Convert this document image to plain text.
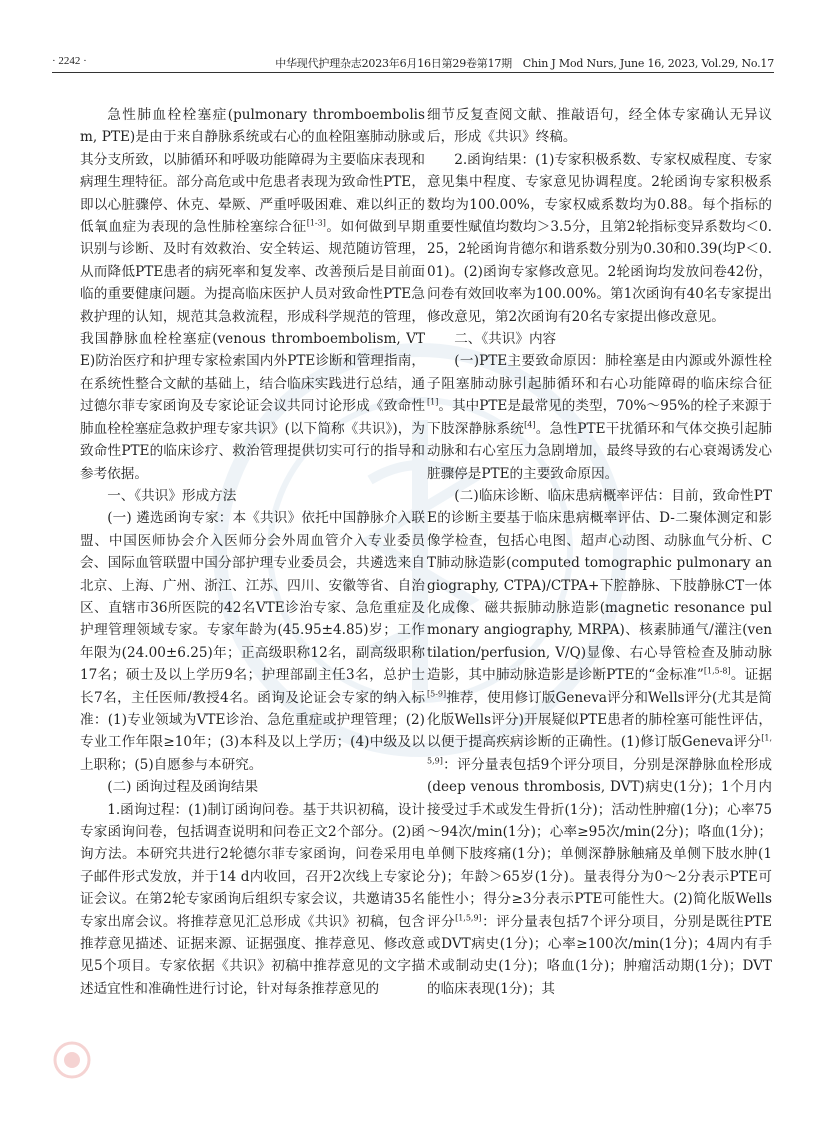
· 2242 ·	中华现代护理杂志2023年6月16日第29卷第17期　Chin J Mod Nurs, June 16, 2023, Vol.29, No.17

急性肺血栓栓塞症(pulmonary thromboembolism, PTE)是由于来自静脉系统或右心的血栓阻塞肺动脉或其分支所致，以肺循环和呼吸功能障碍为主要临床表现和病理生理特征。部分高危或中危患者表现为致命性PTE，即以心脏骤停、休克、晕厥、严重呼吸困难、难以纠正的低氧血症为表现的急性肺栓塞综合征[1-3]。如何做到早期识别与诊断、及时有效救治、安全转运、规范随访管理，从而降低PTE患者的病死率和复发率、改善预后是目前面临的重要健康问题。为提高临床医护人员对致命性PTE急救护理的认知，规范其急救流程，形成科学规范的管理，我国静脉血栓栓塞症(venous thromboembolism, VTE)防治医疗和护理专家检索国内外PTE诊断和管理指南，在系统性整合文献的基础上，结合临床实践进行总结，通过德尔菲专家函询及专家论证会议共同讨论形成《致命性肺血栓栓塞症急救护理专家共识》(以下简称《共识》)，为致命性PTE的临床诊疗、救治管理提供切实可行的指导和参考依据。

一、《共识》形成方法

(一) 遴选函询专家：本《共识》依托中国静脉介入联盟、中国医师协会介入医师分会外周血管介入专业委员会、国际血管联盟中国分部护理专业委员会，共遴选来自北京、上海、广州、浙江、江苏、四川、安徽等省、自治区、直辖市36所医院的42名VTE诊治专家、急危重症及护理管理领域专家。专家年龄为(45.95±4.85)岁；工作年限为(24.00±6.25)年；正高级职称12名，副高级职称17名；硕士及以上学历9名；护理部副主任3名，总护士长7名，主任医师/教授4名。函询及论证会专家的纳入标准：(1)专业领域为VTE诊治、急危重症或护理管理；(2)专业工作年限≥10年；(3)本科及以上学历；(4)中级及以上职称；(5)自愿参与本研究。

(二) 函询过程及函询结果

1.函询过程：(1)制订函询问卷。基于共识初稿，设计专家函询问卷，包括调查说明和问卷正文2个部分。(2)函询方法。本研究共进行2轮德尔菲专家函询，问卷采用电子邮件形式发放，并于14 d内收回，召开2次线上专家论证会议。在第2轮专家函询后组织专家会议，共邀请35名专家出席会议。将推荐意见汇总形成《共识》初稿，包含推荐意见描述、证据来源、证据强度、推荐意见、修改意见5个项目。专家依据《共识》初稿中推荐意见的文字描述适宜性和准确性进行讨论，针对每条推荐意见的

细节反复查阅文献、推敲语句，经全体专家确认无异议后，形成《共识》终稿。

2.函询结果：(1)专家积极系数、专家权威程度、专家意见集中程度、专家意见协调程度。2轮函询专家积极系数均为100.00%，专家权威系数均为0.88。每个指标的重要性赋值均数均＞3.5分，且第2轮指标变异系数均＜0.25，2轮函询肯德尔和谐系数分别为0.30和0.39(均P＜0.01)。(2)函询专家修改意见。2轮函询均发放问卷42份，问卷有效回收率为100.00%。第1次函询有40名专家提出修改意见，第2次函询有20名专家提出修改意见。

二、《共识》内容

(一)PTE主要致命原因：肺栓塞是由内源或外源性栓子阻塞肺动脉引起肺循环和右心功能障碍的临床综合征[1]。其中PTE是最常见的类型，70%～95%的栓子来源于下肢深静脉系统[4]。急性PTE干扰循环和气体交换引起肺动脉和右心室压力急剧增加，最终导致的右心衰竭诱发心脏骤停是PTE的主要致命原因。

(二)临床诊断、临床患病概率评估：目前，致命性PTE的诊断主要基于临床患病概率评估、D-二聚体测定和影像学检查，包括心电图、超声心动图、动脉血气分析、CT肺动脉造影(computed tomographic pulmonary angiography, CTPA)/CTPA+下腔静脉、下肢静脉CT一体化成像、磁共振肺动脉造影(magnetic resonance pulmonary angiography, MRPA)、核素肺通气/灌注(ventilation/perfusion, V/Q)显像、右心导管检查及肺动脉造影，其中肺动脉造影是诊断PTE的“金标准”[1,5-8]。证据[5-9]推荐，使用修订版Geneva评分和Wells评分(尤其是简化版Wells评分)开展疑似PTE患者的肺栓塞可能性评估，以便于提高疾病诊断的正确性。(1)修订版Geneva评分[1,5,9]：评分量表包括9个评分项目，分别是深静脉血栓形成(deep venous thrombosis, DVT)病史(1分)；1个月内接受过手术或发生骨折(1分)；活动性肿瘤(1分)；心率75～94次/min(1分)；心率≥95次/min(2分)；咯血(1分)；单侧下肢疼痛(1分)；单侧深静脉触痛及单侧下肢水肿(1分)；年龄＞65岁(1分)。量表得分为0～2分表示PTE可能性小；得分≥3分表示PTE可能性大。(2)简化版Wells评分[1,5,9]：评分量表包括7个评分项目，分别是既往PTE或DVT病史(1分)；心率≥100次/min(1分)；4周内有手术或制动史(1分)；咯血(1分)；肿瘤活动期(1分)；DVT的临床表现(1分)；其
